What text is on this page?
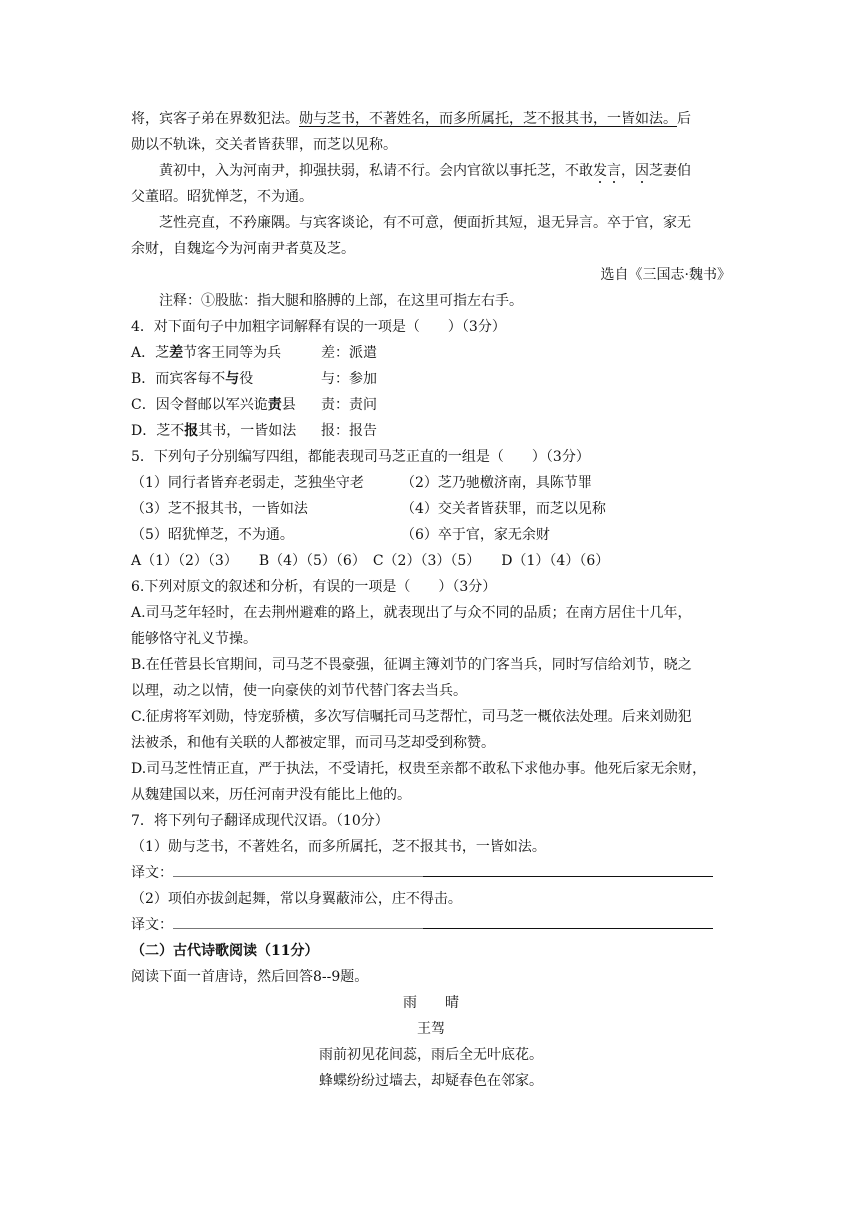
将，宾客子弟在界数犯法。勋与芝书，不著姓名，而多所属托，芝不报其书，一皆如法。后
勋以不轨诛，交关者皆获罪，而芝以见称。
黄初中，入为河南尹，抑强扶弱，私请不行。会内官欲以事托芝，不敢发言，因芝妻伯
父董昭。昭犹惮芝，不为通。
芝性亮直，不矜廉隅。与宾客谈论，有不可意，便面折其短，退无异言。卒于官，家无
余财，自魏迄今为河南尹者莫及芝。
选自《三国志·魏书》
注释：①股肱：指大腿和胳膊的上部，在这里可指左右手。
4．对下面句子中加粗字词解释有误的一项是（　　）（3分）
A．芝差节客王同等为兵	差：派遣
B．而宾客每不与役	与：参加
C．因令督邮以军兴诡责县 责：责问
D．芝不报其书，一皆如法 报：报告
5．下列句子分别编写四组，都能表现司马芝正直的一组是（　　）（3分）
（1）同行者皆弃老弱走，芝独坐守老	（2）芝乃驰檄济南，具陈节罪
（3）芝不报其书，一皆如法	（4）交关者皆获罪，而芝以见称
（5）昭犹惮芝，不为通。	（6）卒于官，家无余财
A（1）（2）（3）　　B（4）（5）（6）　C（2）（3）（5）　　D（1）（4）（6）
6.下列对原文的叙述和分析，有误的一项是（　　）（3分）
A.司马芝年轻时，在去荆州避难的路上，就表现出了与众不同的品质；在南方居住十几年，
能够恪守礼义节操。
B.在任菅县长官期间，司马芝不畏豪强，征调主簿刘节的门客当兵，同时写信给刘节，晓之
以理，动之以情，使一向豪侠的刘节代替门客去当兵。
C.征虏将军刘勋，恃宠骄横，多次写信嘱托司马芝帮忙，司马芝一概依法处理。后来刘勋犯
法被杀，和他有关联的人都被定罪，而司马芝却受到称赞。
D.司马芝性情正直，严于执法，不受请托，权贵至亲都不敢私下求他办事。他死后家无余财，
从魏建国以来，历任河南尹没有能比上他的。
7．将下列句子翻译成现代汉语。（10分）
（1）勋与芝书，不著姓名，而多所属托，芝不报其书，一皆如法。
译文：
（2）项伯亦拔剑起舞，常以身翼蔽沛公，庄不得击。
译文：
（二）古代诗歌阅读（11分）
阅读下面一首唐诗，然后回答8--9题。
雨　　晴
王驾
雨前初见花间蕊，雨后全无叶底花。
蜂蝶纷纷过墙去，却疑春色在邻家。
